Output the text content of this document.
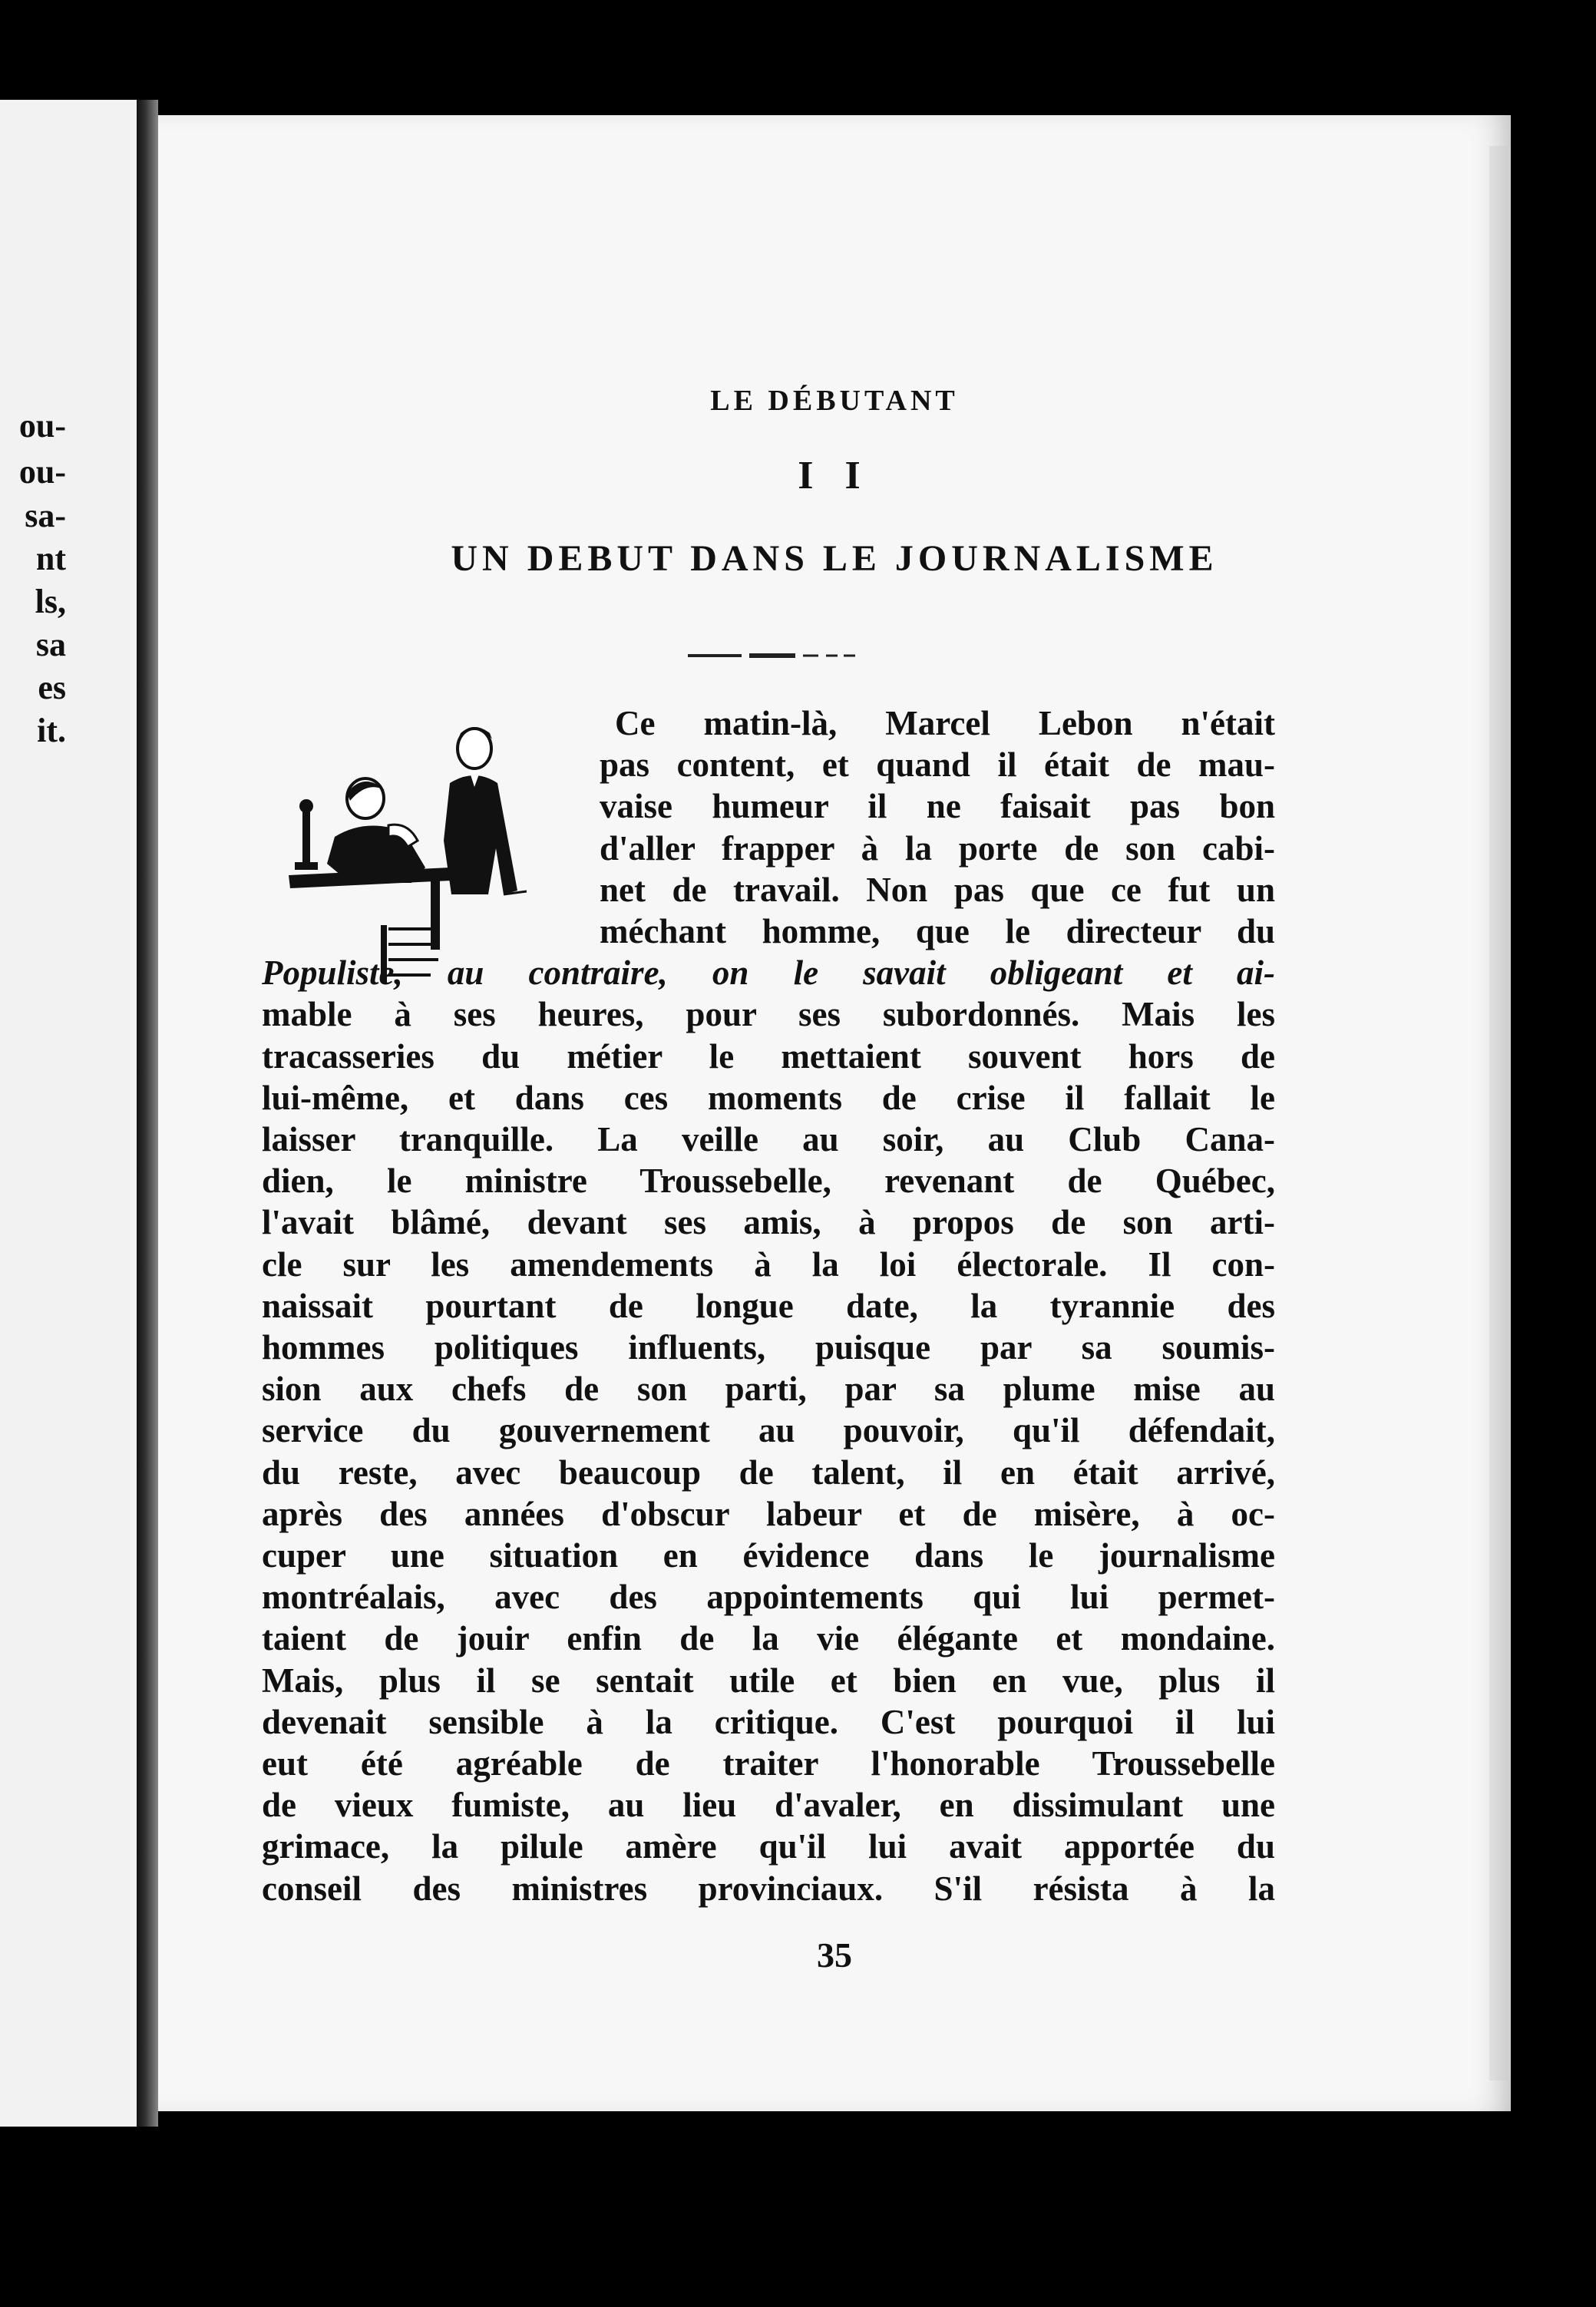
ou-
ou-
sa-
nt
ls,
sa
es
it.
LE DÉBUTANT
I I
UN DEBUT DANS LE JOURNALISME
Ce matin-là, Marcel Lebon n'était
pas content, et quand il était de mau-
vaise humeur il ne faisait pas bon
d'aller frapper à la porte de son cabi-
net de travail. Non pas que ce fut un
méchant homme, que le directeur du
Populiste, au contraire, on le savait obligeant et ai-
mable à ses heures, pour ses subordonnés. Mais les
tracasseries du métier le mettaient souvent hors de
lui-même, et dans ces moments de crise il fallait le
laisser tranquille. La veille au soir, au Club Cana-
dien, le ministre Troussebelle, revenant de Québec,
l'avait blâmé, devant ses amis, à propos de son arti-
cle sur les amendements à la loi électorale. Il con-
naissait pourtant de longue date, la tyrannie des
hommes politiques influents, puisque par sa soumis-
sion aux chefs de son parti, par sa plume mise au
service du gouvernement au pouvoir, qu'il défendait,
du reste, avec beaucoup de talent, il en était arrivé,
après des années d'obscur labeur et de misère, à oc-
cuper une situation en évidence dans le journalisme
montréalais, avec des appointements qui lui permet-
taient de jouir enfin de la vie élégante et mondaine.
Mais, plus il se sentait utile et bien en vue, plus il
devenait sensible à la critique. C'est pourquoi il lui
eut été agréable de traiter l'honorable Troussebelle
de vieux fumiste, au lieu d'avaler, en dissimulant une
grimace, la pilule amère qu'il lui avait apportée du
conseil des ministres provinciaux. S'il résista à la
35
